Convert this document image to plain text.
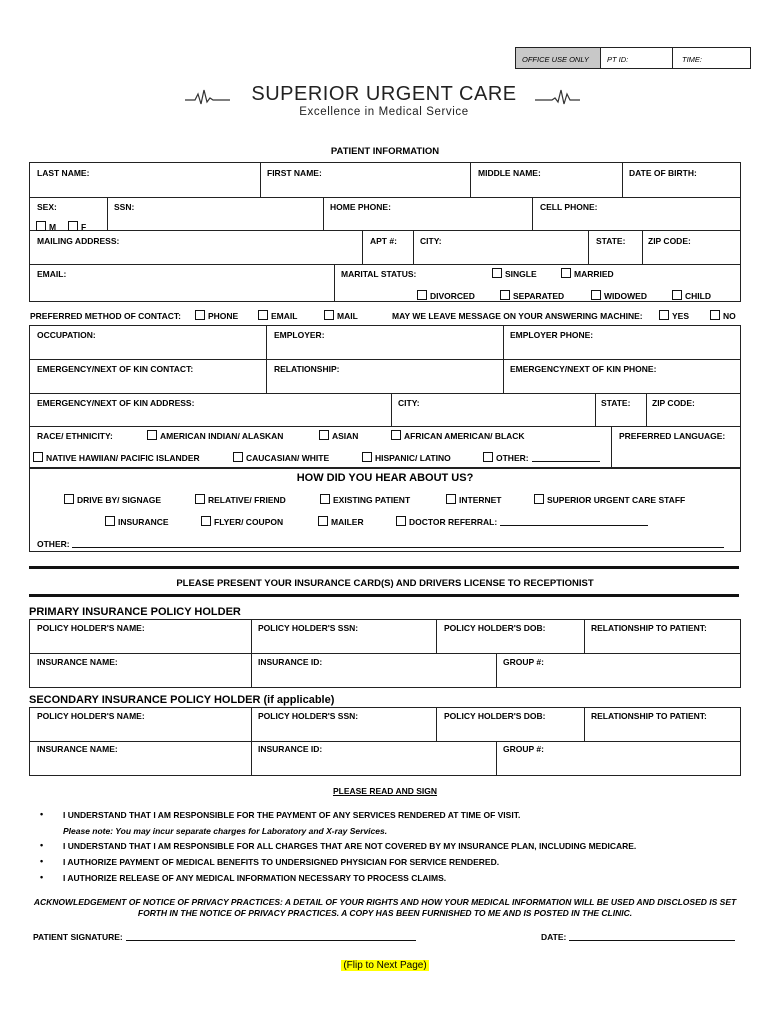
OFFICE USE ONLY PT ID:	TIME:
SUPERIOR URGENT CARE
Excellence in Medical Service
PATIENT INFORMATION
LAST NAME:	FIRST NAME:	MIDDLE NAME:	DATE OF BIRTH:
SEX:
M	F
SSN:	HOME PHONE:	CELL PHONE:
MAILING ADDRESS:	APT #:	CITY:	STATE:	ZIP CODE:
EMAIL:	MARITAL STATUS:	SINGLE	MARRIED
DIVORCED	SEPARATED	WIDOWED	CHILD
PREFERRED METHOD OF CONTACT:	PHONE	EMAIL	MAIL	MAY WE LEAVE MESSAGE ON YOUR ANSWERING MACHINE:	YES	NO
OCCUPATION:	EMPLOYER:	EMPLOYER PHONE:
EMERGENCY/NEXT OF KIN CONTACT:	RELATIONSHIP:	EMERGENCY/NEXT OF KIN PHONE:
EMERGENCY/NEXT OF KIN ADDRESS:	CITY:	STATE:	ZIP CODE:
RACE/ ETHNICITY:	AMERICAN INDIAN/ ALASKAN	ASIAN	AFRICAN AMERICAN/ BLACK	PREFERRED LANGUAGE:
NATIVE HAWIIAN/ PACIFIC ISLANDER	CAUCASIAN/ WHITE	HISPANIC/ LATINO	OTHER:
HOW DID YOU HEAR ABOUT US?
DRIVE BY/ SIGNAGE	RELATIVE/ FRIEND	EXISTING PATIENT	INTERNET	SUPERIOR URGENT CARE STAFF
INSURANCE	FLYER/ COUPON	MAILER	DOCTOR REFERRAL:
OTHER:
PLEASE PRESENT YOUR INSURANCE CARD(S) AND DRIVERS LICENSE TO RECEPTIONIST
PRIMARY INSURANCE POLICY HOLDER
POLICY HOLDER'S NAME:	POLICY HOLDER'S SSN:	POLICY HOLDER'S DOB:	RELATIONSHIP TO PATIENT:
INSURANCE NAME:	INSURANCE ID:	GROUP #:
SECONDARY INSURANCE POLICY HOLDER (if applicable)
POLICY HOLDER'S NAME:	POLICY HOLDER'S SSN:	POLICY HOLDER'S DOB:	RELATIONSHIP TO PATIENT:
INSURANCE NAME:	INSURANCE ID:	GROUP #:
PLEASE READ AND SIGN
• I UNDERSTAND THAT I AM RESPONSIBLE FOR THE PAYMENT OF ANY SERVICES RENDERED AT TIME OF VISIT.
Please note: You may incur separate charges for Laboratory and X-ray Services.
• I UNDERSTAND THAT I AM RESPONSIBLE FOR ALL CHARGES THAT ARE NOT COVERED BY MY INSURANCE PLAN, INCLUDING MEDICARE.
• I AUTHORIZE PAYMENT OF MEDICAL BENEFITS TO UNDERSIGNED PHYSICIAN FOR SERVICE RENDERED.
• I AUTHORIZE RELEASE OF ANY MEDICAL INFORMATION NECESSARY TO PROCESS CLAIMS.
ACKNOWLEDGEMENT OF NOTICE OF PRIVACY PRACTICES: A DETAIL OF YOUR RIGHTS AND HOW YOUR MEDICAL INFORMATION WILL BE USED AND DISCLOSED IS SET
FORTH IN THE NOTICE OF PRIVACY PRACTICES. A COPY HAS BEEN FURNISHED TO ME AND IS POSTED IN THE CLINIC.
PATIENT SIGNATURE:	DATE:
(Flip to Next Page)
